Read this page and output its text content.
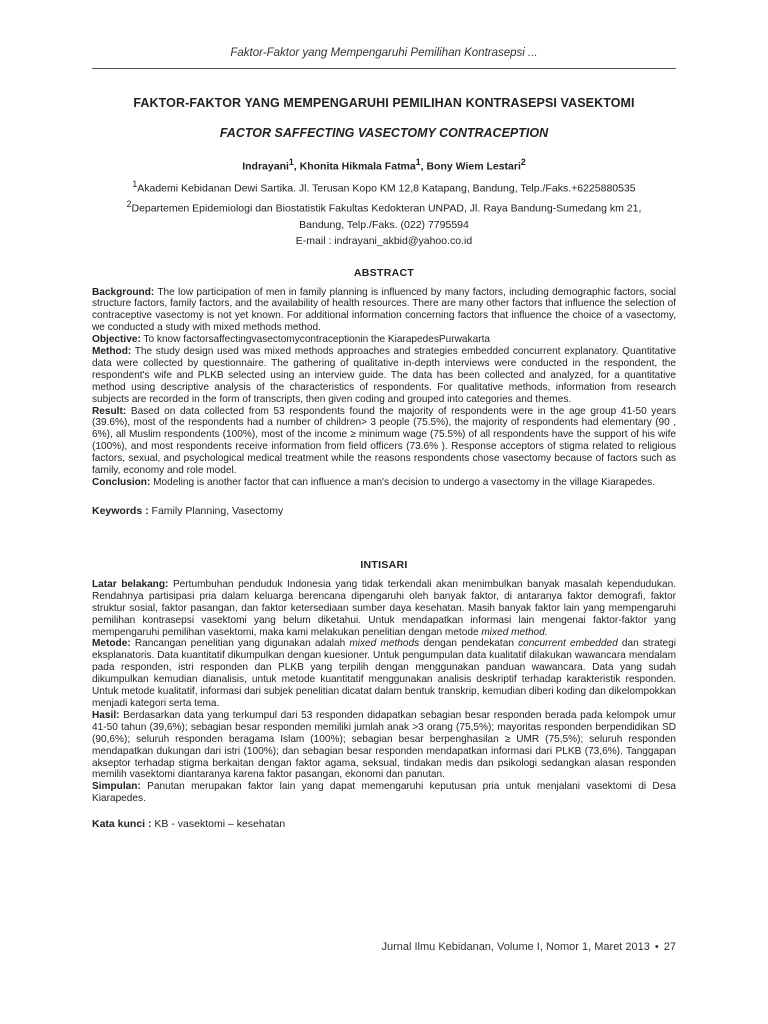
Faktor-Faktor yang Mempengaruhi Pemilihan Kontrasepsi ...
FAKTOR-FAKTOR YANG MEMPENGARUHI PEMILIHAN KONTRASEPSI VASEKTOMI
FACTOR SAFFECTING VASECTOMY CONTRACEPTION
Indrayani$^1$, Khonita Hikmala Fatma$^1$, Bony Wiem Lestari$^2$
$^1$Akademi Kebidanan Dewi Sartika. Jl. Terusan Kopo KM 12,8 Katapang, Bandung, Telp./Faks.+6225880535
$^2$Departemen Epidemiologi dan Biostatistik Fakultas Kedokteran UNPAD, Jl. Raya Bandung-Sumedang km 21,
Bandung, Telp./Faks. (022) 7795594
E-mail : indrayani_akbid@yahoo.co.id
ABSTRACT

Background: The low participation of men in family planning is influenced by many factors, including demographic factors, social structure factors, family factors, and the availability of health resources. There are many other factors that influence the selection of contraceptive vasectomy is not yet known. For additional information concerning factors that influence the choice of a vasectomy, we conducted a study with mixed methods method.

Objective: To know factorsaffectingvasectomycontraceptionin the KiarapedesPurwakarta

Method: The study design used was mixed methods approaches and strategies embedded concurrent explanatory. Quantitative data were collected by questionnaire. The gathering of qualitative in-depth interviews were conducted in the respondent, the respondent's wife and PLKB selected using an interview guide. The data has been collected and analyzed, for a quantitative method using descriptive analysis of the characteristics of respondents. For qualitative methods, information from research subjects are recorded in the form of transcripts, then given coding and grouped into categories and themes.

Result: Based on data collected from 53 respondents found the majority of respondents were in the age group 41-50 years (39.6%), most of the respondents had a number of children> 3 people (75.5%), the majority of respondents had elementary (90 , 6%), all Muslim respondents (100%), most of the income ≥ minimum wage (75.5%) of all respondents have the support of his wife (100%), and most respondents receive information from field officers (73.6% ). Response acceptors of stigma related to religious factors, sexual, and psychological medical treatment while the reasons respondents chose vasectomy because of factors such as family, economy and role model.

Conclusion: Modeling is another factor that can influence a man's decision to undergo a vasectomy in the village Kiarapedes.

Keywords : Family Planning, Vasectomy
INTISARI

Latar belakang: Pertumbuhan penduduk Indonesia yang tidak terkendali akan menimbulkan banyak masalah kependudukan. Rendahnya partisipasi pria dalam keluarga berencana dipengaruhi oleh banyak faktor, di antaranya faktor demografi, faktor struktur sosial, faktor pasangan, dan faktor ketersediaan sumber daya kesehatan. Masih banyak faktor lain yang mempengaruhi pemilihan kontrasepsi vasektomi yang belum diketahui. Untuk mendapatkan informasi lain mengenai faktor-faktor yang mempengaruhi pemilihan vasektomi, maka kami melakukan penelitian dengan metode mixed method.

Metode: Rancangan penelitian yang digunakan adalah mixed methods dengan pendekatan concurrent embedded dan strategi eksplanatoris. Data kuantitatif dikumpulkan dengan kuesioner. Untuk pengumpulan data kualitatif dilakukan wawancara mendalam pada responden, istri responden dan PLKB yang terpilih dengan menggunakan panduan wawancara. Data yang sudah dikumpulkan kemudian dianalisis, untuk metode kuantitatif menggunakan analisis deskriptif terhadap karakteristik responden. Untuk metode kualitatif, informasi dari subjek penelitian dicatat dalam bentuk transkrip, kemudian diberi koding dan dikelompokkan menjadi kategori serta tema.

Hasil: Berdasarkan data yang terkumpul dari 53 responden didapatkan sebagian besar responden berada pada kelompok umur 41-50 tahun (39,6%); sebagian besar responden memiliki jumlah anak >3 orang (75,5%); mayoritas responden berpendidikan SD (90,6%); seluruh responden beragama Islam (100%); sebagian besar berpenghasilan ≥ UMR (75,5%); seluruh responden mendapatkan dukungan dari istri (100%); dan sebagian besar responden mendapatkan informasi dari PLKB (73,6%). Tanggapan akseptor terhadap stigma berkaitan dengan faktor agama, seksual, tindakan medis dan psikologi sedangkan alasan responden memilih vasektomi diantaranya karena faktor pasangan, ekonomi dan panutan.

Simpulan: Panutan merupakan faktor lain yang dapat memengaruhi keputusan pria untuk menjalani vasektomi di Desa Kiarapedes.

Kata kunci : KB - vasektomi – kesehatan
Jurnal Ilmu Kebidanan, Volume I, Nomor 1, Maret 2013 • 27
